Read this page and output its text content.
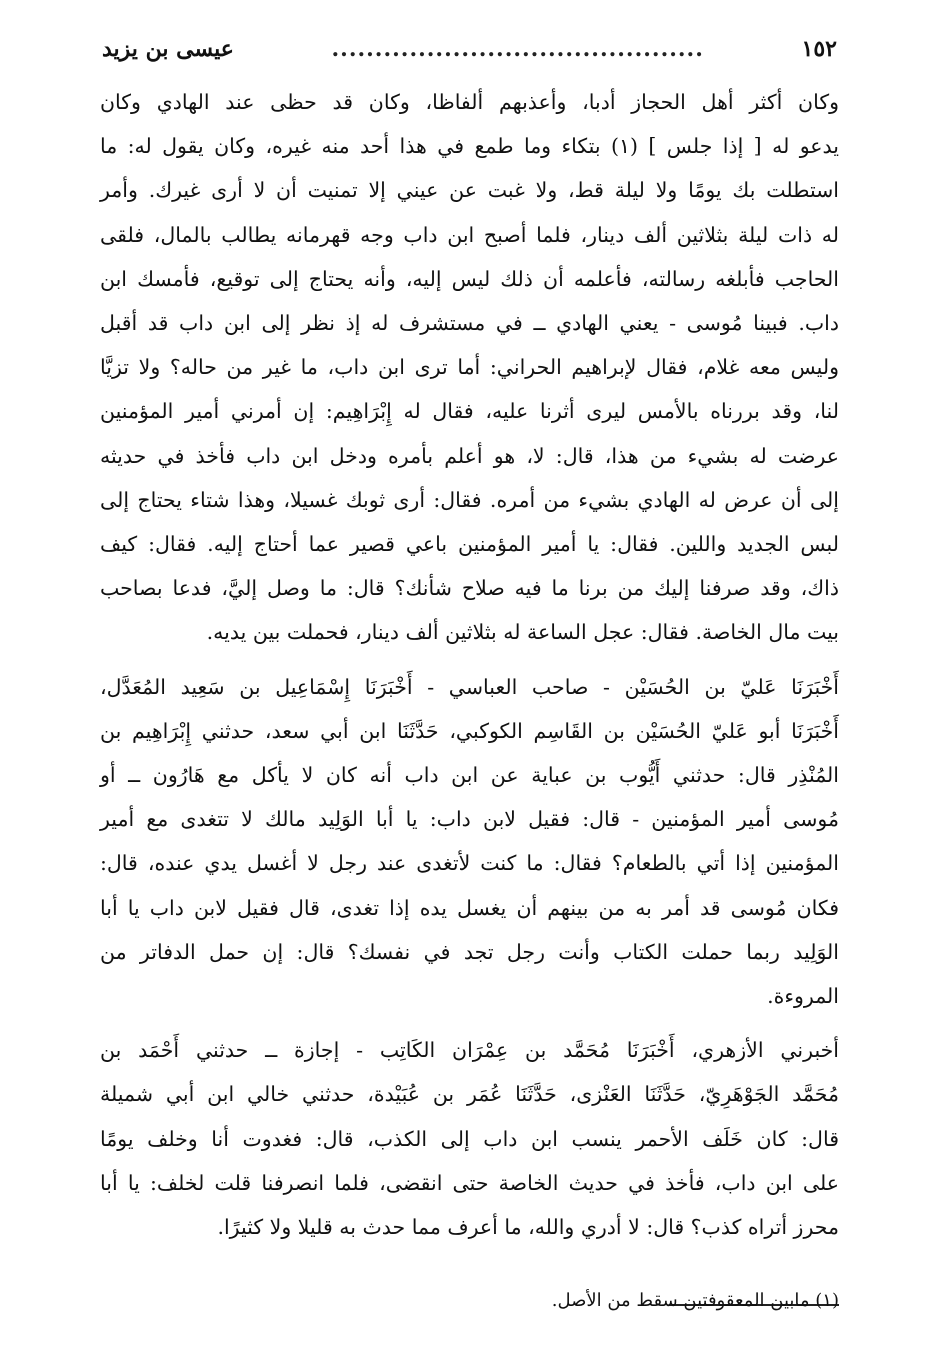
١٥٢
...........................................
عيسى بن يزيد

وكان أكثر أهل الحجاز أدبا، وأعذبهم ألفاظا، وكان قد حظى عند الهادي وكان
يدعو له [ إذا جلس ] (١) بتكاء وما طمع في هذا أحد منه غيره، وكان يقول له: ما
استطلت بك يومًا ولا ليلة قط، ولا غبت عن عيني إلا تمنيت أن لا أرى غيرك. وأمر
له ذات ليلة بثلاثين ألف دينار، فلما أصبح ابن داب وجه قهرمانه يطالب بالمال، فلقى
الحاجب فأبلغه رسالته، فأعلمه أن ذلك ليس إليه، وأنه يحتاج إلى توقيع، فأمسك ابن
داب. فبينا مُوسى - يعني الهادي ــ في مستشرف له إذ نظر إلى ابن داب قد أقبل
وليس معه غلام، فقال لإبراهيم الحراني: أما ترى ابن داب، ما غير من حاله؟ ولا تزيَّا
لنا، وقد بررناه بالأمس ليرى أثرنا عليه، فقال له إِبْرَاهِيم: إن أمرني أمير المؤمنين
عرضت له بشيء من هذا، قال: لا، هو أعلم بأمره ودخل ابن داب فأخذ في حديثه
إلى أن عرض له الهادي بشيء من أمره. فقال: أرى ثوبك غسيلا، وهذا شتاء يحتاج إلى
لبس الجديد واللين. فقال: يا أمير المؤمنين باعي قصير عما أحتاج إليه. فقال: كيف
ذاك، وقد صرفنا إليك من برنا ما فيه صلاح شأنك؟ قال: ما وصل إليَّ، فدعا بصاحب
بيت مال الخاصة. فقال: عجل الساعة له بثلاثين ألف دينار، فحملت بين يديه.

أَخْبَرَنَا عَليّ بن الحُسَيْن - صاحب العباسي - أَخْبَرَنَا إِسْمَاعِيل بن سَعِيد المُعَدَّل،
أَخْبَرَنَا أبو عَليّ الحُسَيْن بن القَاسِم الكوكبي، حَدَّثَنَا ابن أبي سعد، حدثني إِبْرَاهِيم بن
المُنْذِر قال: حدثني أَيُّوب بن عباية عن ابن داب أنه كان لا يأكل مع هَارُون ــ أو
مُوسى أمير المؤمنين - قال: فقيل لابن داب: يا أبا الوَلِيد مالك لا تتغدى مع أمير
المؤمنين إذا أتي بالطعام؟ فقال: ما كنت لأتغدى عند رجل لا أغسل يدي عنده، قال:
فكان مُوسى قد أمر به من بينهم أن يغسل يده إذا تغدى، قال فقيل لابن داب يا أبا
الوَلِيد ربما حملت الكتاب وأنت رجل تجد في نفسك؟ قال: إن حمل الدفاتر من
المروءة.

أخبرني الأزهري، أَخْبَرَنَا مُحَمَّد بن عِمْرَان الكَاتِب - إجازة ــ حدثني أَحْمَد بن
مُحَمَّد الجَوْهَرِيّ، حَدَّثَنَا العَنْزى، حَدَّثَنَا عُمَر بن عُبَيْدة، حدثني خالي ابن أبي شميلة
قال: كان خَلَف الأحمر ينسب ابن داب إلى الكذب، قال: فغدوت أنا وخلف يومًا
على ابن داب، فأخذ في حديث الخاصة حتى انقضى، فلما انصرفنا قلت لخلف: يا أبا
محرز أتراه كذب؟ قال: لا أدري والله، ما أعرف مما حدث به قليلا ولا كثيرًا.

(١) مابين المعقوفتين سقط من الأصل.
